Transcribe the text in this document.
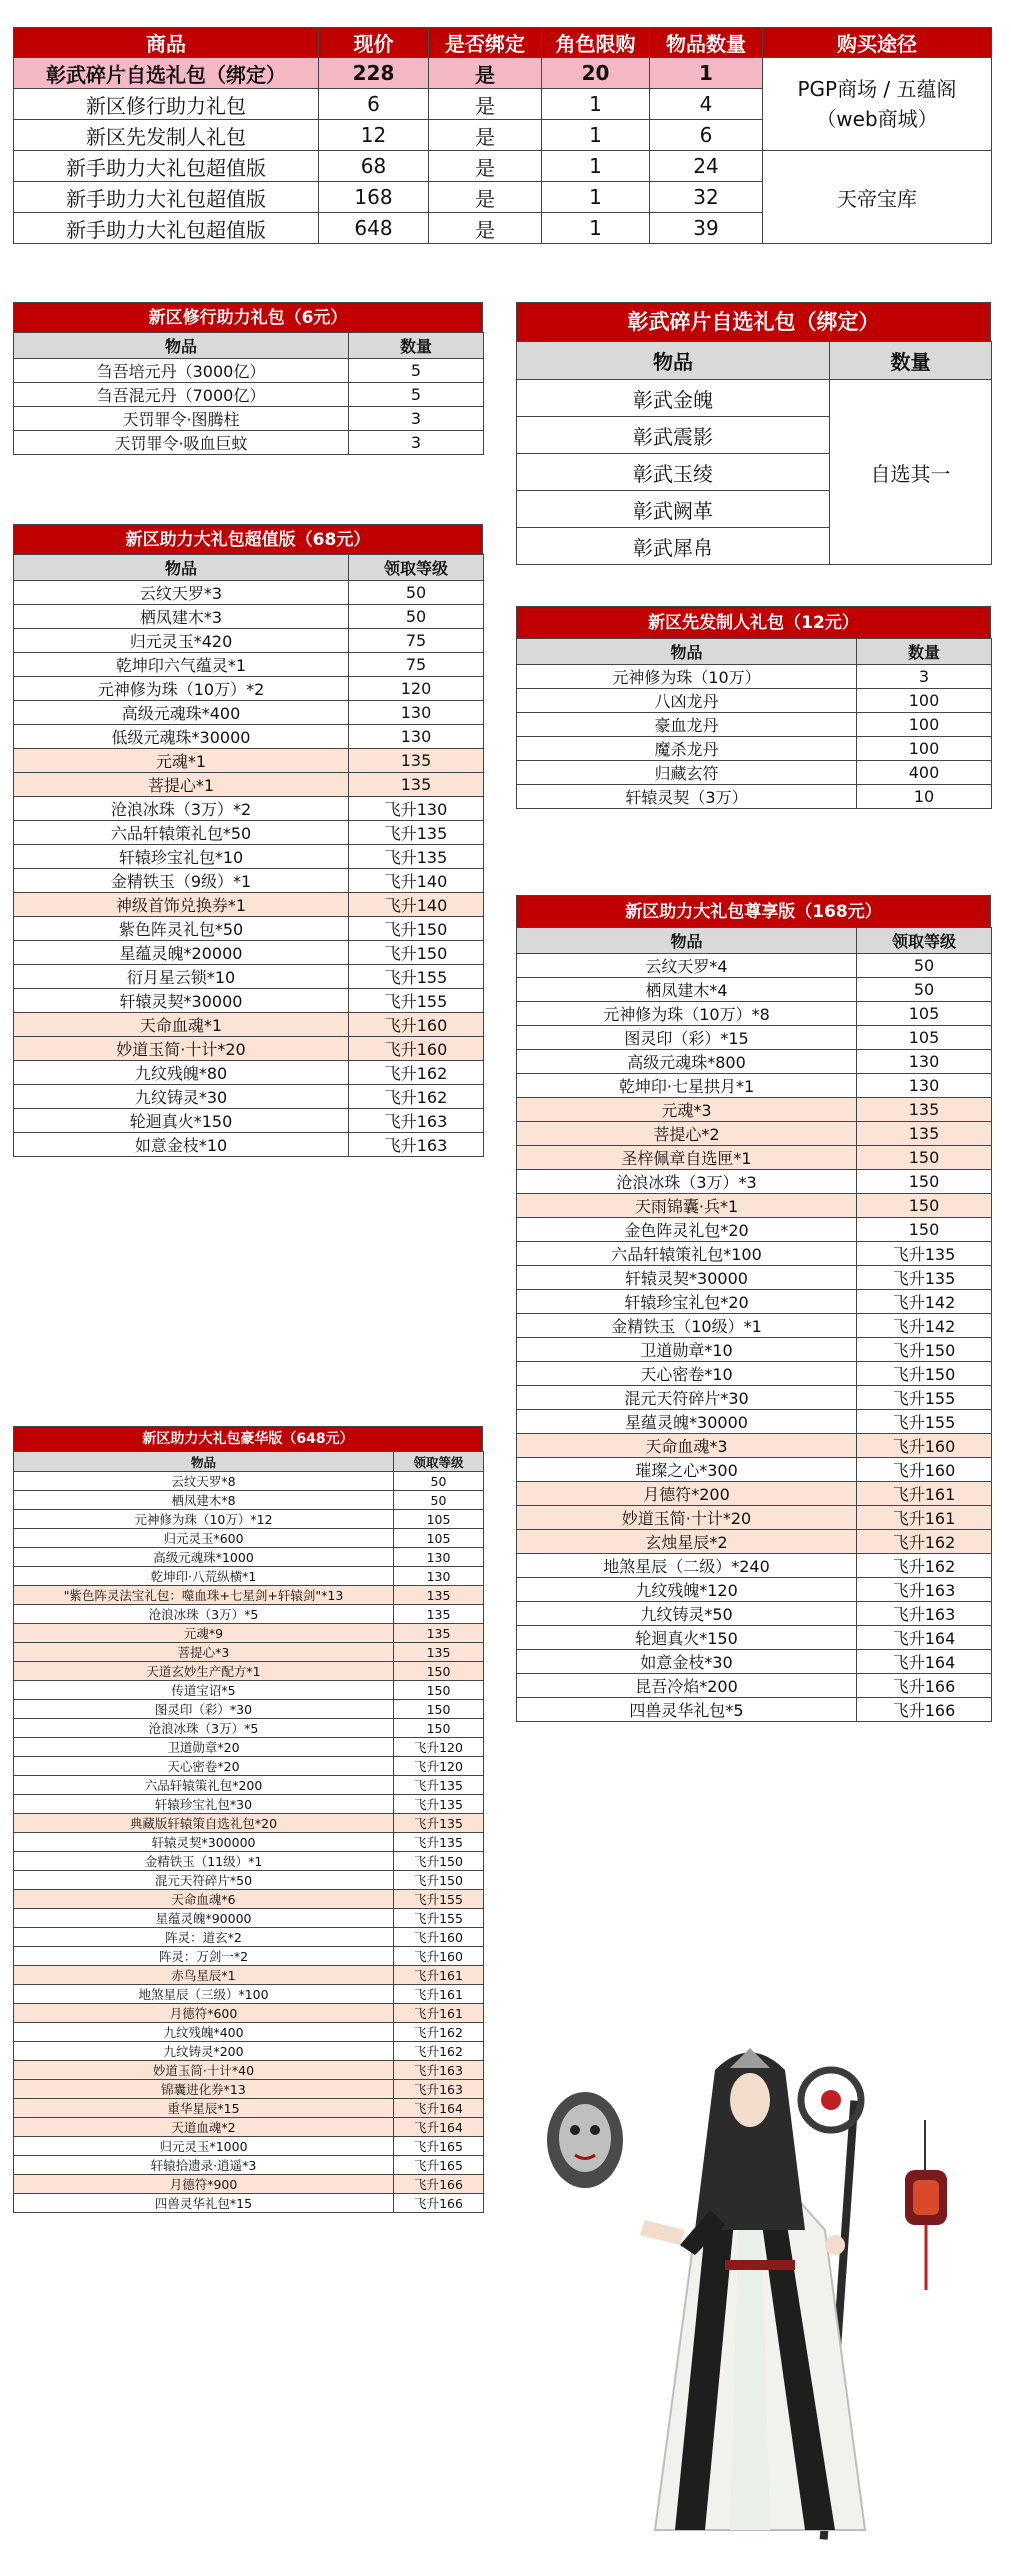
商品	现价	是否绑定	角色限购	物品数量	购买途径
彰武碎片自选礼包（绑定）	228	是	20	1	PGP商场 / 五蕴阁（web商城）
新区修行助力礼包	6	是	1	4	
新区先发制人礼包	12	是	1	6	
新手助力大礼包超值版	68	是	1	24	天帝宝库
新手助力大礼包超值版	168	是	1	32	
新手助力大礼包超值版	648	是	1	39	
新区修行助力礼包（6元）
物品	数量
刍吾培元丹（3000亿）	5
刍吾混元丹（7000亿）	5
天罚罪令·图腾柱	3
天罚罪令·吸血巨蚊	3
新区助力大礼包超值版（68元）
物品	领取等级
云纹天罗*3	50
栖凤建木*3	50
归元灵玉*420	75
乾坤印六气蕴灵*1	75
元神修为珠（10万）*2	120
高级元魂珠*400	130
低级元魂珠*30000	130
元魂*1	135
菩提心*1	135
沧浪冰珠（3万）*2	飞升130
六品轩辕策礼包*50	飞升135
轩辕珍宝礼包*10	飞升135
金精铁玉（9级）*1	飞升140
神级首饰兑换券*1	飞升140
紫色阵灵礼包*50	飞升150
星蕴灵魄*20000	飞升150
衍月星云锁*10	飞升155
轩辕灵契*30000	飞升155
天命血魂*1	飞升160
妙道玉简·十计*20	飞升160
九纹残魄*80	飞升162
九纹铸灵*30	飞升162
轮迴真火*150	飞升163
如意金枝*10	飞升163
新区助力大礼包豪华版（648元）
物品	领取等级
云纹天罗*8	50
栖凤建木*8	50
元神修为珠（10万）*12	105
归元灵玉*600	105
高级元魂珠*1000	130
乾坤印·八荒纵横*1	130
"紫色阵灵法宝礼包：噬血珠+七星剑+轩辕剑"*13	135
沧浪冰珠（3万）*5	135
元魂*9	135
菩提心*3	135
天道玄妙生产配方*1	150
传道宝诏*5	150
图灵印（彩）*30	150
沧浪冰珠（3万）*5	150
卫道勋章*20	飞升120
天心密卷*20	飞升120
六品轩辕策礼包*200	飞升135
轩辕珍宝礼包*30	飞升135
典藏版轩辕策自选礼包*20	飞升135
轩辕灵契*300000	飞升135
金精铁玉（11级）*1	飞升150
混元天符碎片*50	飞升150
天命血魂*6	飞升155
星蕴灵魄*90000	飞升155
阵灵：道玄*2	飞升160
阵灵：万剑一*2	飞升160
赤鸟星辰*1	飞升161
地煞星辰（三级）*100	飞升161
月德符*600	飞升161
九纹残魄*400	飞升162
九纹铸灵*200	飞升162
妙道玉简·十计*40	飞升163
锦囊进化券*13	飞升163
重华星辰*15	飞升164
天道血魂*2	飞升164
归元灵玉*1000	飞升165
轩辕拾遗录·逍遥*3	飞升165
月德符*900	飞升166
四兽灵华礼包*15	飞升166
彰武碎片自选礼包（绑定）
物品	数量
彰武金魄	自选其一
彰武震影	
彰武玉绫	
彰武阙革	
彰武犀帛	
新区先发制人礼包（12元）
物品	数量
元神修为珠（10万）	3
八凶龙丹	100
豪血龙丹	100
魔杀龙丹	100
归藏玄符	400
轩辕灵契（3万）	10
新区助力大礼包尊享版（168元）
物品	领取等级
云纹天罗*4	50
栖凤建木*4	50
元神修为珠（10万）*8	105
图灵印（彩）*15	105
高级元魂珠*800	130
乾坤印·七星拱月*1	130
元魂*3	135
菩提心*2	135
圣梓佩章自选匣*1	150
沧浪冰珠（3万）*3	150
天雨锦囊·兵*1	150
金色阵灵礼包*20	150
六品轩辕策礼包*100	飞升135
轩辕灵契*30000	飞升135
轩辕珍宝礼包*20	飞升142
金精铁玉（10级）*1	飞升142
卫道勋章*10	飞升150
天心密卷*10	飞升150
混元天符碎片*30	飞升155
星蕴灵魄*30000	飞升155
天命血魂*3	飞升160
璀璨之心*300	飞升160
月德符*200	飞升161
妙道玉简·十计*20	飞升161
玄烛星辰*2	飞升162
地煞星辰（二级）*240	飞升162
九纹残魄*120	飞升163
九纹铸灵*50	飞升163
轮迴真火*150	飞升164
如意金枝*30	飞升164
昆吾冷焰*200	飞升166
四兽灵华礼包*5	飞升166
